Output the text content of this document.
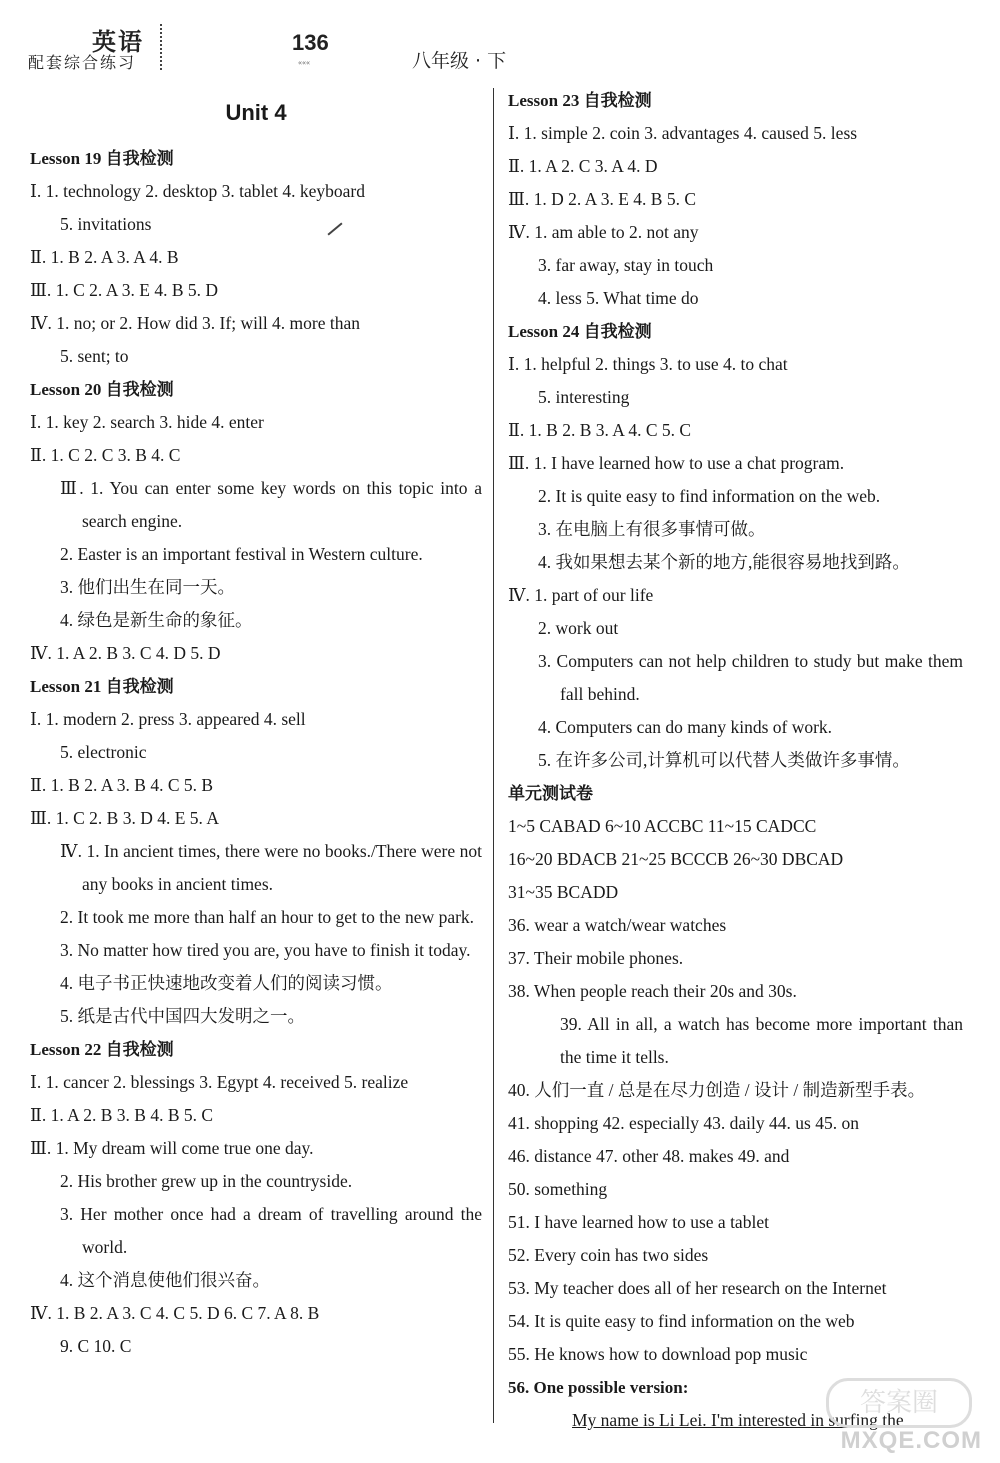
英语
配套综合练习
136
«««	八年级 · 下
Unit 4
Lesson 19 自我检测
Ⅰ. 1. technology 2. desktop 3. tablet 4. keyboard
5. invitations
Ⅱ. 1. B 2. A 3. A 4. B
Ⅲ. 1. C 2. A 3. E 4. B 5. D
Ⅳ. 1. no; or 2. How did 3. If; will 4. more than
5. sent; to
Lesson 20 自我检测
Ⅰ. 1. key 2. search 3. hide 4. enter
Ⅱ. 1. C 2. C 3. B 4. C
Ⅲ. 1. You can enter some key words on this topic into a search engine.
2. Easter is an important festival in Western culture.
3. 他们出生在同一天。
4. 绿色是新生命的象征。
Ⅳ. 1. A 2. B 3. C 4. D 5. D
Lesson 21 自我检测
Ⅰ. 1. modern 2. press 3. appeared 4. sell
5. electronic
Ⅱ. 1. B 2. A 3. B 4. C 5. B
Ⅲ. 1. C 2. B 3. D 4. E 5. A
Ⅳ. 1. In ancient times, there were no books./There were not any books in ancient times.
2. It took me more than half an hour to get to the new park.
3. No matter how tired you are, you have to finish it today.
4. 电子书正快速地改变着人们的阅读习惯。
5. 纸是古代中国四大发明之一。
Lesson 22 自我检测
Ⅰ. 1. cancer 2. blessings 3. Egypt 4. received 5. realize
Ⅱ. 1. A 2. B 3. B 4. B 5. C
Ⅲ. 1. My dream will come true one day.
2. His brother grew up in the countryside.
3. Her mother once had a dream of travelling around the world.
4. 这个消息使他们很兴奋。
Ⅳ. 1. B 2. A 3. C 4. C 5. D 6. C 7. A 8. B
9. C 10. C
Lesson 23 自我检测
Ⅰ. 1. simple 2. coin 3. advantages 4. caused 5. less
Ⅱ. 1. A 2. C 3. A 4. D
Ⅲ. 1. D 2. A 3. E 4. B 5. C
Ⅳ. 1. am able to 2. not any
3. far away, stay in touch
4. less 5. What time do
Lesson 24 自我检测
Ⅰ. 1. helpful 2. things 3. to use 4. to chat
5. interesting
Ⅱ. 1. B 2. B 3. A 4. C 5. C
Ⅲ. 1. I have learned how to use a chat program.
2. It is quite easy to find information on the web.
3. 在电脑上有很多事情可做。
4. 我如果想去某个新的地方,能很容易地找到路。
Ⅳ. 1. part of our life
2. work out
3. Computers can not help children to study but make them fall behind.
4. Computers can do many kinds of work.
5. 在许多公司,计算机可以代替人类做许多事情。
单元测试卷
1~5 CABAD 6~10 ACCBC 11~15 CADCC
16~20 BDACB 21~25 BCCCB 26~30 DBCAD
31~35 BCADD
36. wear a watch/wear watches
37. Their mobile phones.
38. When people reach their 20s and 30s.
39. All in all, a watch has become more important than the time it tells.
40. 人们一直 / 总是在尽力创造 / 设计 / 制造新型手表。
41. shopping 42. especially 43. daily 44. us 45. on
46. distance 47. other 48. makes 49. and
50. something
51. I have learned how to use a tablet
52. Every coin has two sides
53. My teacher does all of her research on the Internet
54. It is quite easy to find information on the web
55. He knows how to download pop music
56. One possible version:
My name is Li Lei. I'm interested in surfing the
答案圈
MXQE.COM
